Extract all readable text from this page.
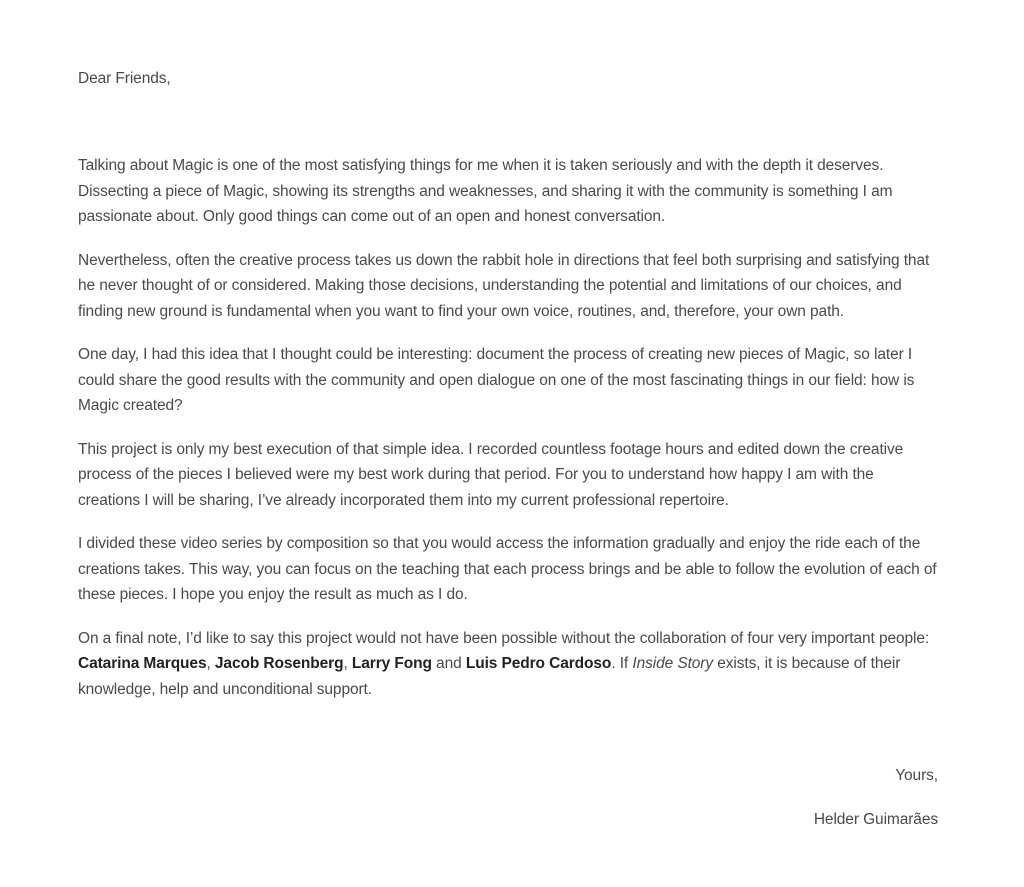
Dear Friends,

Talking about Magic is one of the most satisfying things for me when it is taken seriously and with the depth it deserves. Dissecting a piece of Magic, showing its strengths and weaknesses, and sharing it with the community is something I am passionate about. Only good things can come out of an open and honest conversation.

Nevertheless, often the creative process takes us down the rabbit hole in directions that feel both surprising and satisfying that he never thought of or considered. Making those decisions, understanding the potential and limitations of our choices, and finding new ground is fundamental when you want to find your own voice, routines, and, therefore, your own path.

One day, I had this idea that I thought could be interesting: document the process of creating new pieces of Magic, so later I could share the good results with the community and open dialogue on one of the most fascinating things in our field: how is Magic created?

This project is only my best execution of that simple idea. I recorded countless footage hours and edited down the creative process of the pieces I believed were my best work during that period. For you to understand how happy I am with the creations I will be sharing, I’ve already incorporated them into my current professional repertoire.

I divided these video series by composition so that you would access the information gradually and enjoy the ride each of the creations takes. This way, you can focus on the teaching that each process brings and be able to follow the evolution of each of these pieces. I hope you enjoy the result as much as I do.

On a final note, I’d like to say this project would not have been possible without the collaboration of four very important people: Catarina Marques, Jacob Rosenberg, Larry Fong and Luis Pedro Cardoso. If Inside Story exists, it is because of their knowledge, help and unconditional support.

Yours,

Helder Guimarães
